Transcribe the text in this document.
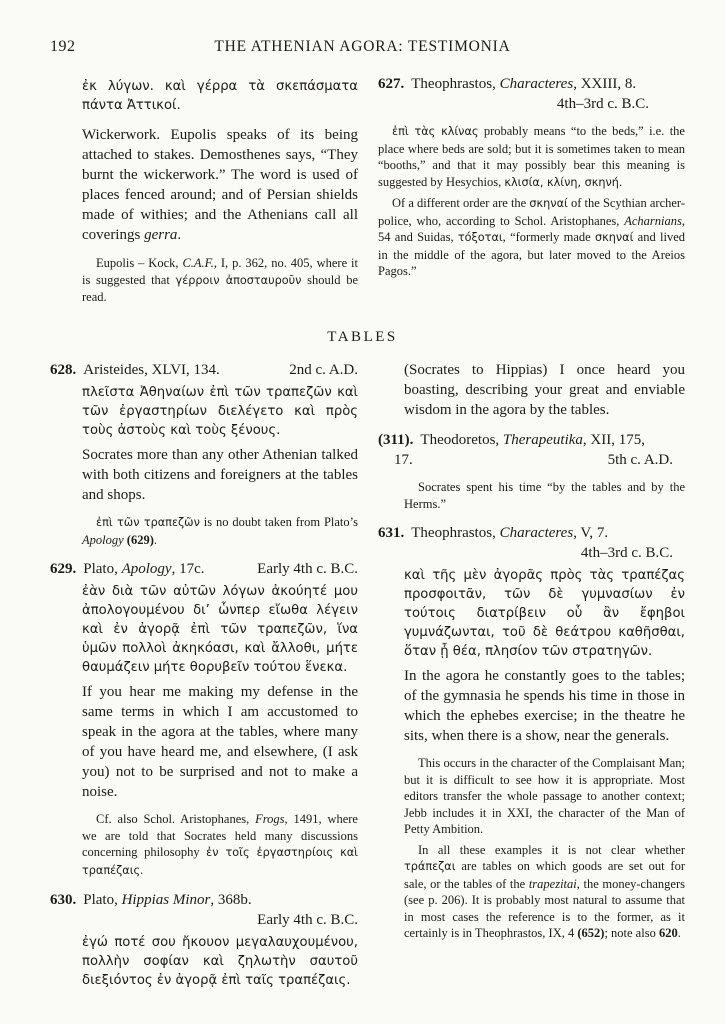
192	THE ATHENIAN AGORA: TESTIMONIA

ἐκ λύγων. καὶ γέρρα τὰ σκεπάσματα πάντα Ἀττικοί.

Wickerwork. Eupolis speaks of its being attached to stakes. Demosthenes says, “They burnt the wickerwork.” The word is used of places fenced around; and of Persian shields made of withies; and the Athenians call all coverings gerra.

Eupolis – Kock, C.A.F., I, p. 362, no. 405, where it is suggested that γέρροιν ἀποσταυροῦν should be read.

627. Theophrastos, Characteres, XXIII, 8.
4th–3rd c. B.C.

ἐπὶ τὰς κλίνας probably means “to the beds,” i.e. the place where beds are sold; but it is sometimes taken to mean “booths,” and that it may possibly bear this meaning is suggested by Hesychios, κλισία, κλίνη, σκηνή.

Of a different order are the σκηναί of the Scythian archer-police, who, according to Schol. Aristophanes, Acharnians, 54 and Suidas, τόξοται, “formerly made σκηναί and lived in the middle of the agora, but later moved to the Areios Pagos.”

TABLES
628. Aristeides, XLVI, 134.	2nd c. A.D.

πλεῖστα Ἀθηναίων ἐπὶ τῶν τραπεζῶν καὶ τῶν ἐργαστηρίων διελέγετο καὶ πρὸς τοὺς ἀστοὺς καὶ τοὺς ξένους.

Socrates more than any other Athenian talked with both citizens and foreigners at the tables and shops.

ἐπὶ τῶν τραπεζῶν is no doubt taken from Plato’s Apology (629).

629. Plato, Apology, 17c.	Early 4th c. B.C.

ἐὰν διὰ τῶν αὐτῶν λόγων ἀκούητέ μου ἀπολογουμένου δι’ ὧνπερ εἴωθα λέγειν καὶ ἐν ἀγορᾷ ἐπὶ τῶν τραπεζῶν, ἵνα ὑμῶν πολλοὶ ἀκηκόασι, καὶ ἄλλοθι, μήτε θαυμάζειν μήτε θορυβεῖν τούτου ἕνεκα.

If you hear me making my defense in the same terms in which I am accustomed to speak in the agora at the tables, where many of you have heard me, and elsewhere, (I ask you) not to be surprised and not to make a noise.

Cf. also Schol. Aristophanes, Frogs, 1491, where we are told that Socrates held many discussions concerning philosophy ἐν τοῖς ἐργαστηρίοις καὶ τραπέζαις.

630. Plato, Hippias Minor, 368b.
Early 4th c. B.C.

ἐγώ ποτέ σου ἤκουον μεγαλαυχουμένου, πολλὴν σοφίαν καὶ ζηλωτὴν σαυτοῦ διεξιόντος ἐν ἀγορᾷ ἐπὶ ταῖς τραπέζαις.

(Socrates to Hippias) I once heard you boasting, describing your great and enviable wisdom in the agora by the tables.

(311). Theodoretos, Therapeutika, XII, 175,
17.	5th c. A.D.

Socrates spent his time “by the tables and by the Herms.”

631. Theophrastos, Characteres, V, 7.
4th–3rd c. B.C.

καὶ τῆς μὲν ἀγορᾶς πρὸς τὰς τραπέζας προσφοιτᾶν, τῶν δὲ γυμνασίων ἐν τούτοις διατρίβειν οὗ ἂν ἔφηβοι γυμνάζωνται, τοῦ δὲ θεάτρου καθῆσθαι, ὅταν ᾖ θέα, πλησίον τῶν στρατηγῶν.

In the agora he constantly goes to the tables; of the gymnasia he spends his time in those in which the ephebes exercise; in the theatre he sits, when there is a show, near the generals.

This occurs in the character of the Complaisant Man; but it is difficult to see how it is appropriate. Most editors transfer the whole passage to another context; Jebb includes it in XXI, the character of the Man of Petty Ambition.

In all these examples it is not clear whether τράπεζαι are tables on which goods are set out for sale, or the tables of the trapezitai, the money-changers (see p. 206). It is probably most natural to assume that in most cases the reference is to the former, as it certainly is in Theophrastos, IX, 4 (652); note also 620.
